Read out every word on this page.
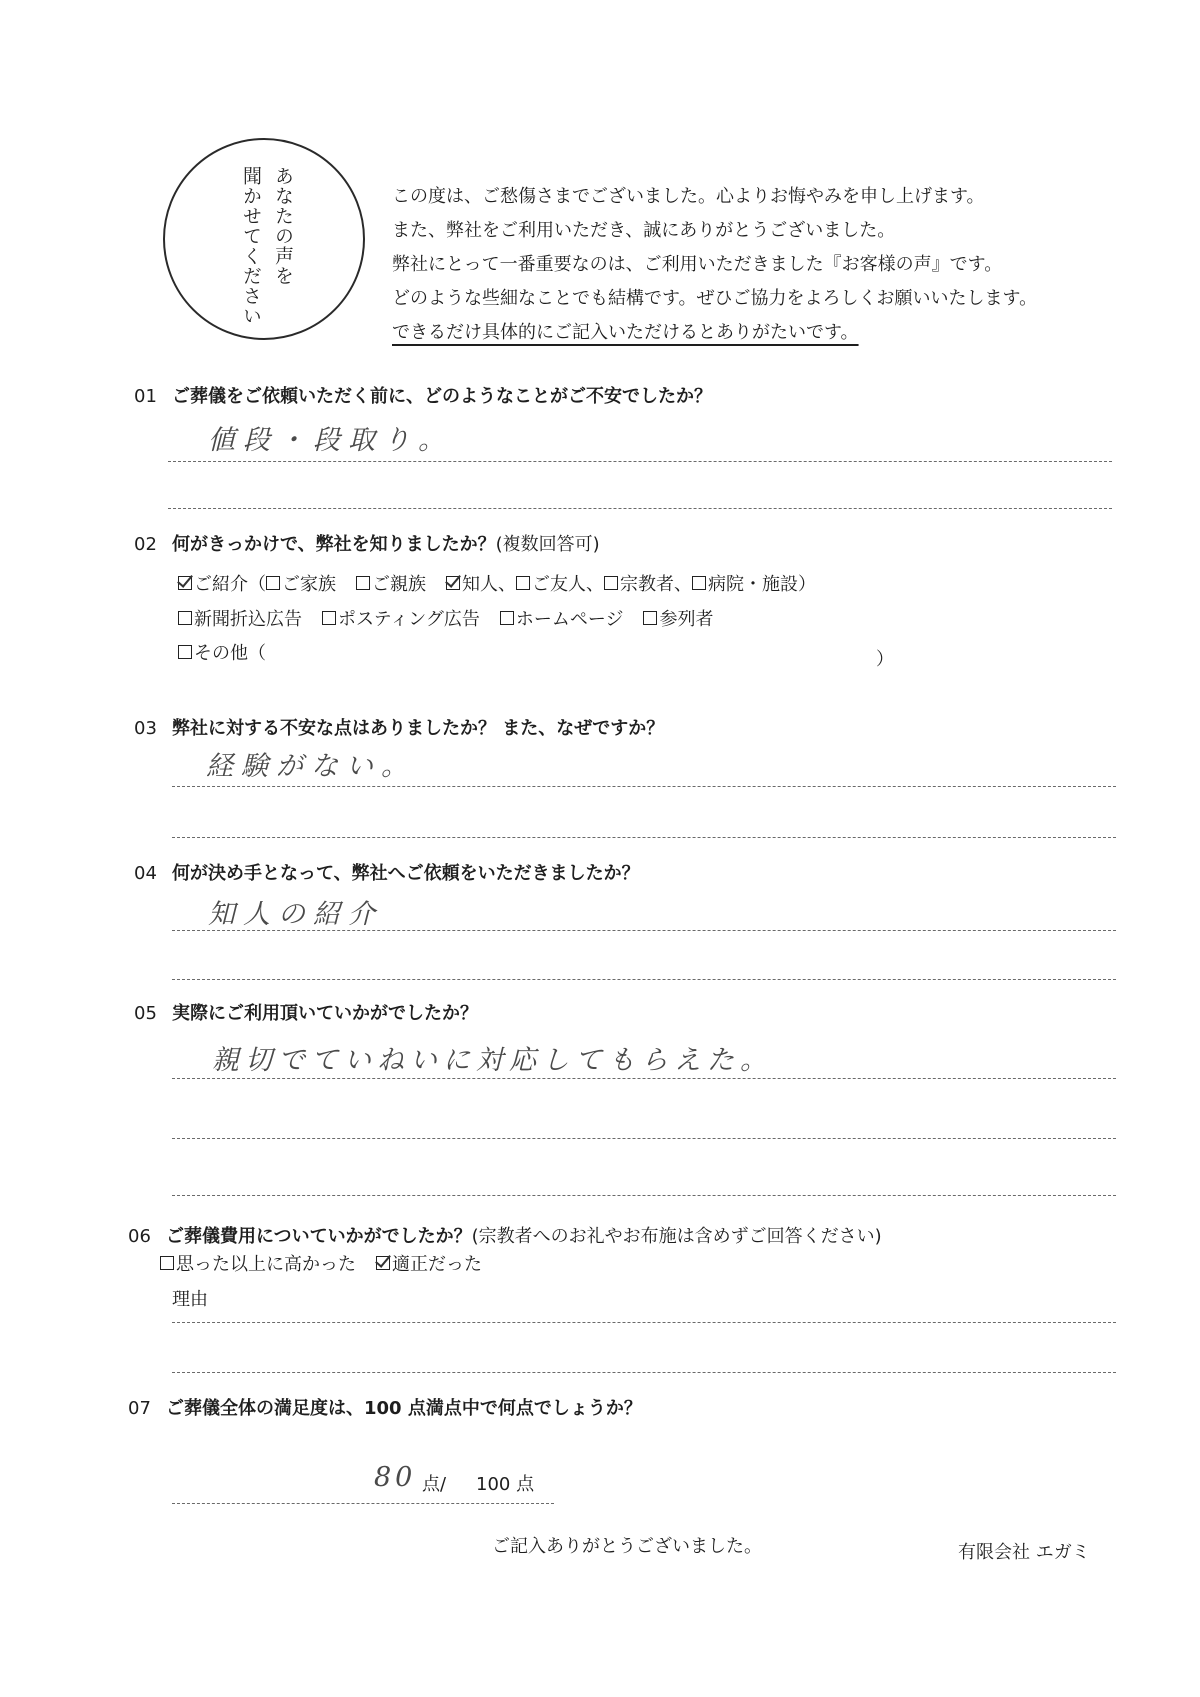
あなたの声を
聞かせてください	この度は、ご愁傷さまでございました。心よりお悔やみを申し上げます。
また、弊社をご利用いただき、誠にありがとうございました。
弊社にとって一番重要なのは、ご利用いただきました『お客様の声』です。
どのような些細なことでも結構です。ぜひご協力をよろしくお願いいたします。
できるだけ具体的にご記入いただけるとありがたいです。
01 ご葬儀をご依頼いただく前に、どのようなことがご不安でしたか？
値段・段取り。
02 何がきっかけで、弊社を知りましたか？(複数回答可)
ご紹介 （ ご家族 ご親族 知人、 ご友人、 宗教者、 病院・施設）
新聞折込広告 ポスティング広告 ホームページ 参列者
その他（	）
03 弊社に対する不安な点はありましたか？ また、なぜですか？
経験がない。
04 何が決め手となって、弊社へご依頼をいただきましたか？
知人の紹介
05 実際にご利用頂いていかがでしたか？
親切でていねいに対応してもらえた。
06 ご葬儀費用についていかがでしたか？(宗教者へのお礼やお布施は含めずご回答ください)
思った以上に高かった 適正だった
理由
07 ご葬儀全体の満足度は、100 点満点中で何点でしょうか？
80 点/ 100 点
ご記入ありがとうございました。	有限会社 エガミ
